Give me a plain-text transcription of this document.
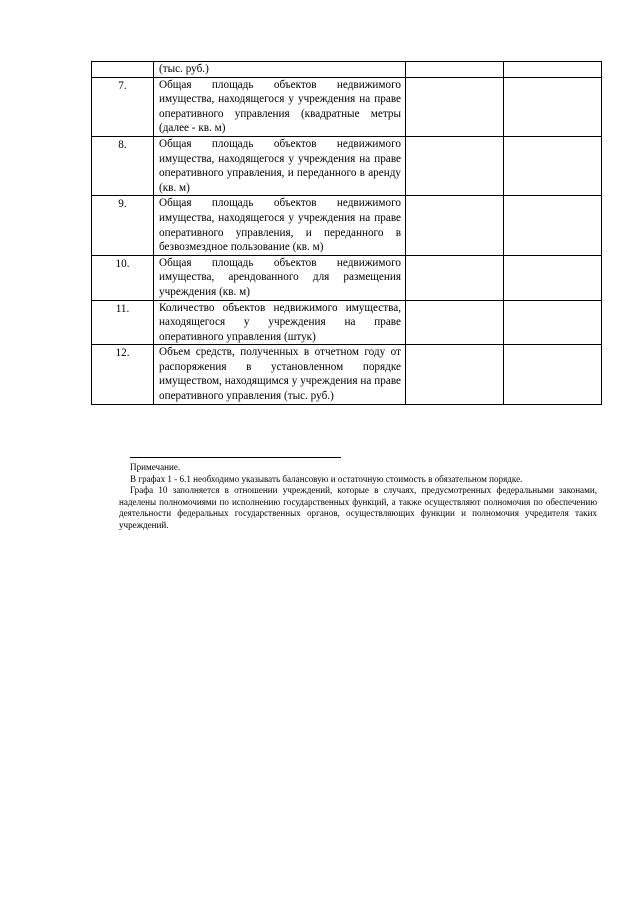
	(тыс. руб.)		

7.	Общая площадь объектов недвижимого имущества, находящегося у учреждения на праве оперативного управления (квадратные метры (далее - кв. м)		

8.	Общая площадь объектов недвижимого имущества, находящегося у учреждения на праве оперативного управления, и переданного в аренду (кв. м)		

9.	Общая площадь объектов недвижимого имущества, находящегося у учреждения на праве оперативного управления, и переданного в безвозмездное пользование (кв. м)		

10.	Общая площадь объектов недвижимого имущества, арендованного для размещения учреждения (кв. м)		

11.	Количество объектов недвижимого имущества, находящегося у учреждения на праве оперативного управления (штук)		

12.	Объем средств, полученных в отчетном году от распоряжения в установленном порядке имуществом, находящимся у учреждения на праве оперативного управления (тыс. руб.)		

Примечание.

В графах 1 - 6.1 необходимо указывать балансовую и остаточную стоимость в обязательном порядке.

Графа 10 заполняется в отношении учреждений, которые в случаях, предусмотренных федеральными законами, наделены полномочиями по исполнению государственных функций, а также осуществляют полномочия по обеспечению деятельности федеральных государственных органов, осуществляющих функции и полномочия учредителя таких учреждений.
